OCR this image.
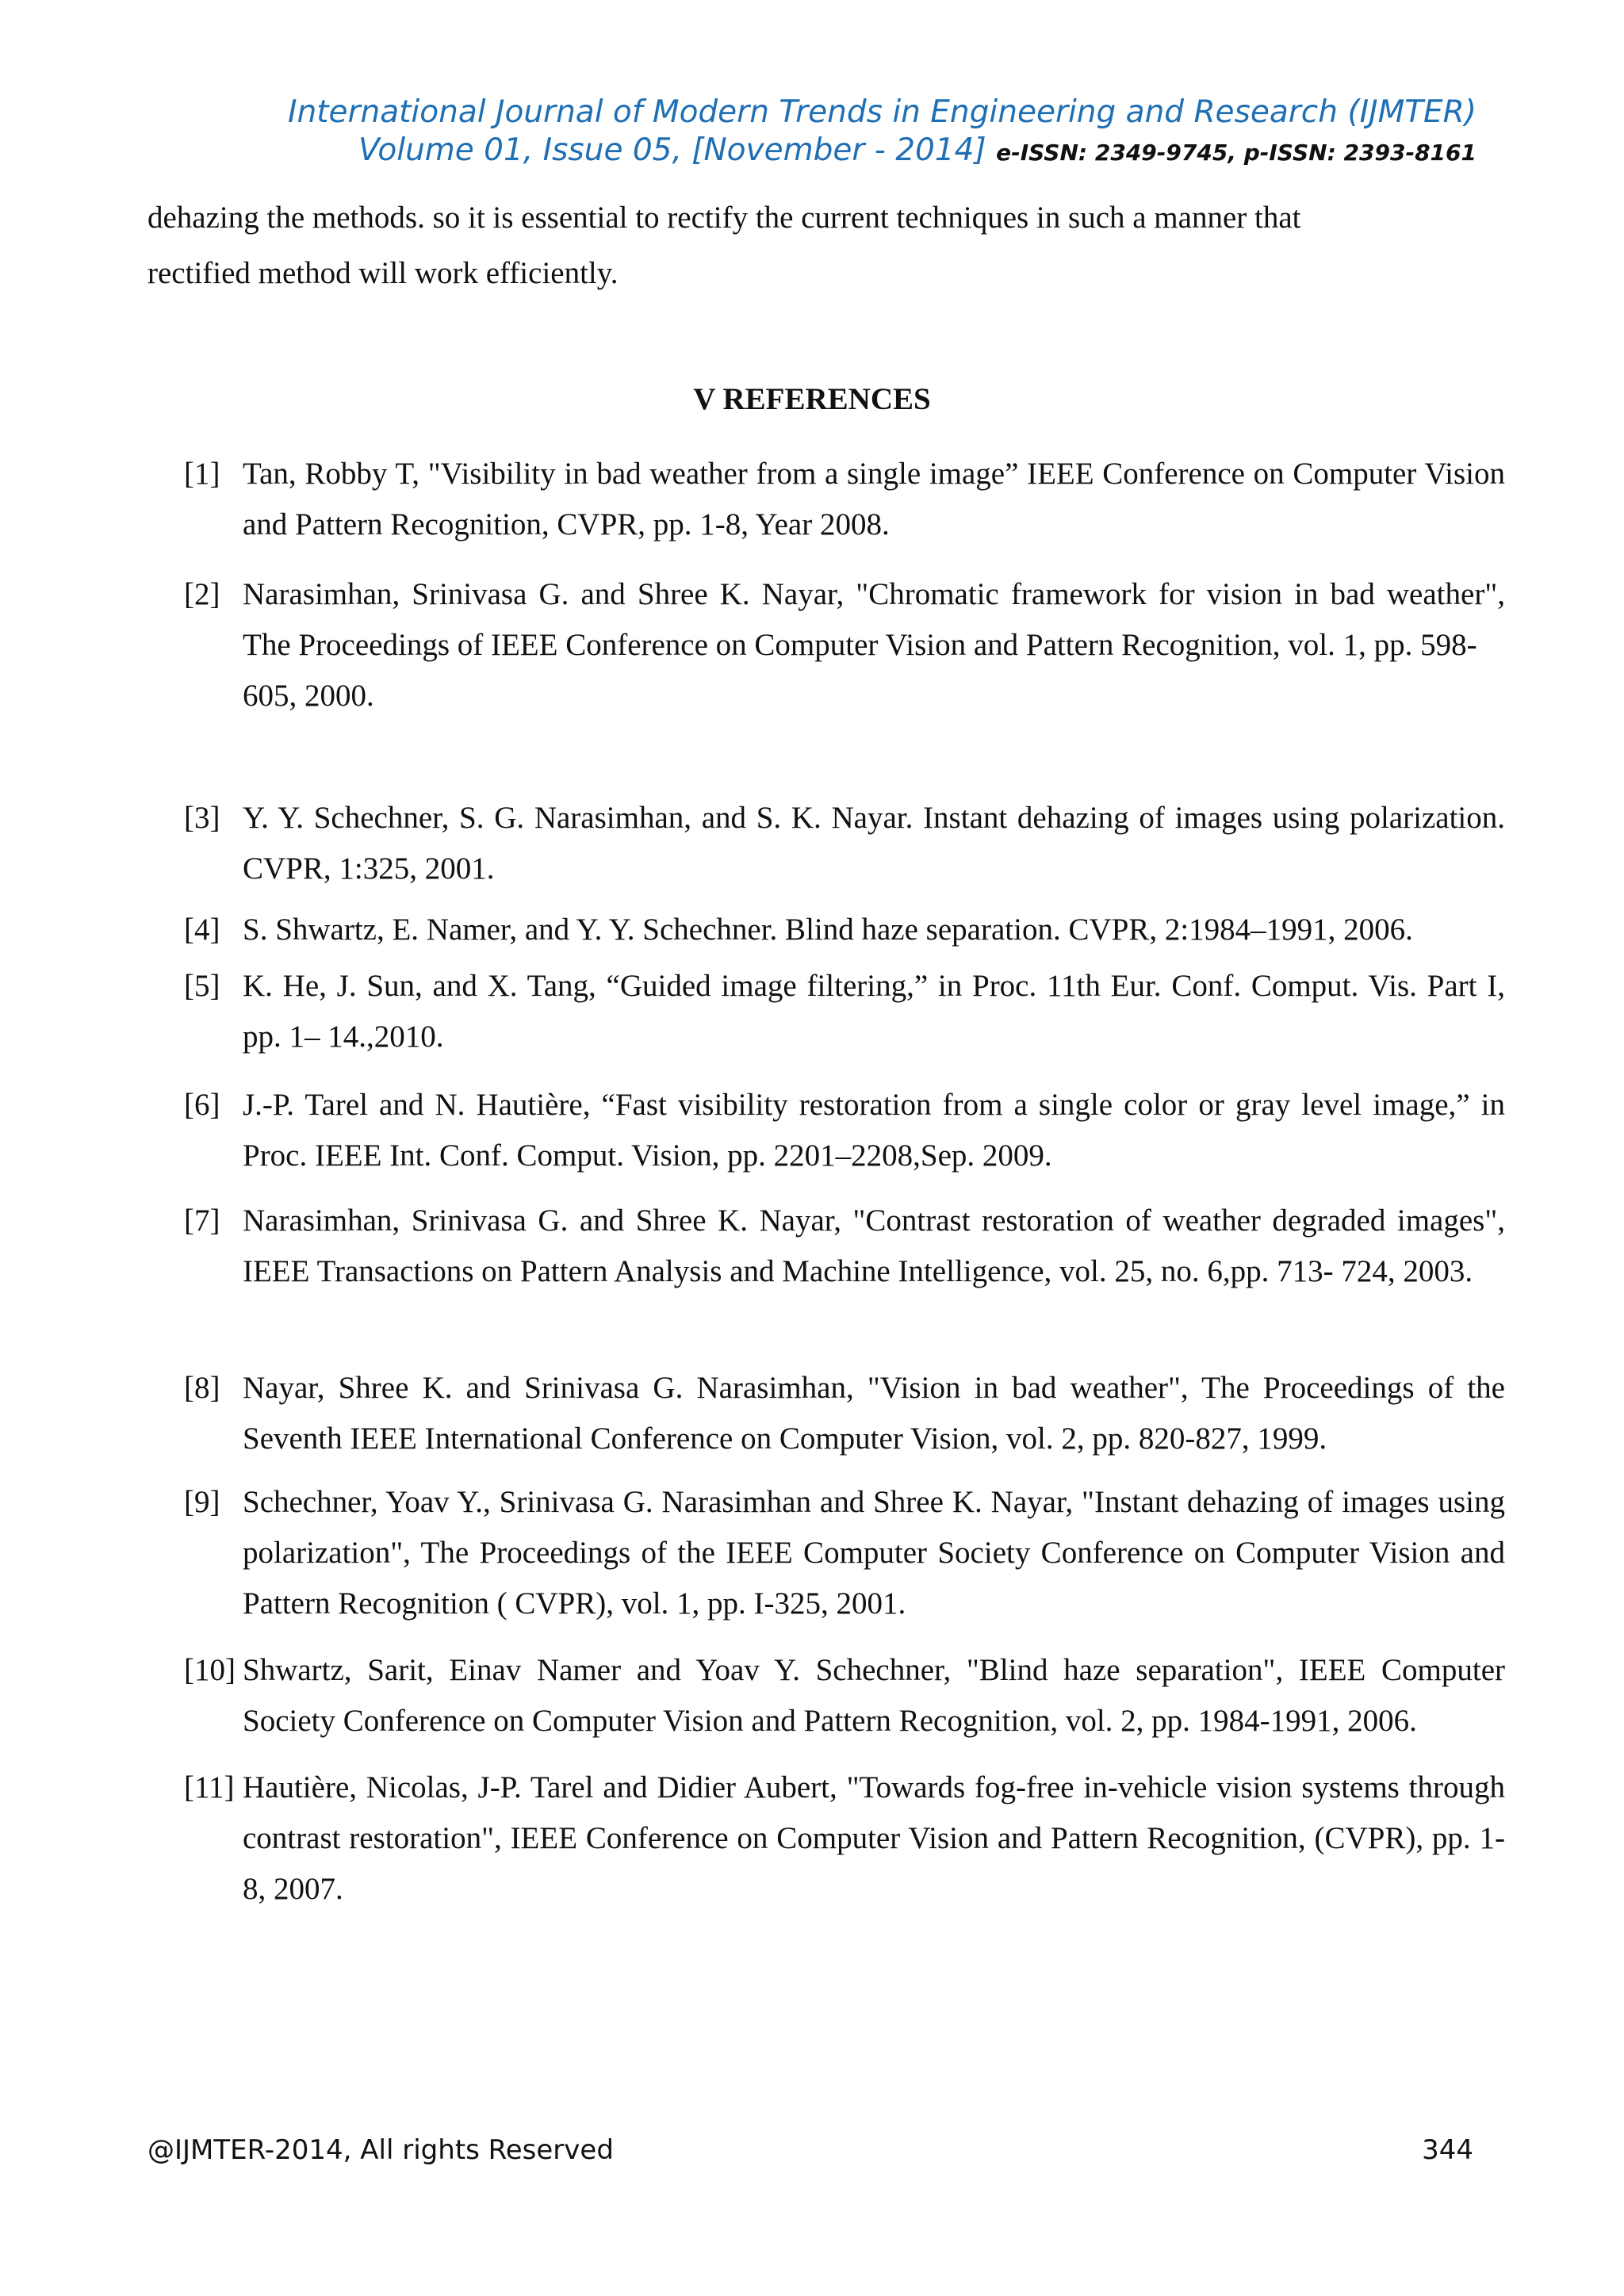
International Journal of Modern Trends in Engineering and Research (IJMTER)
Volume 01, Issue 05, [November - 2014] e-ISSN: 2349-9745, p-ISSN: 2393-8161

dehazing the methods. so it is essential to rectify the current techniques in such a manner that

rectified method will work efficiently.

V REFERENCES
[1] Tan, Robby T, "Visibility in bad weather from a single image” IEEE Conference on Computer Vision and Pattern Recognition, CVPR, pp. 1-8, Year 2008.
[2] Narasimhan, Srinivasa G. and Shree K. Nayar, "Chromatic framework for vision in bad weather", The Proceedings of IEEE Conference on Computer Vision and Pattern Recognition, vol. 1, pp. 598-
605, 2000.
[3] Y. Y. Schechner, S. G. Narasimhan, and S. K. Nayar. Instant dehazing of images using polarization. CVPR, 1:325, 2001.
[4] S. Shwartz, E. Namer, and Y. Y. Schechner. Blind haze separation. CVPR, 2:1984–1991, 2006.
[5] K. He, J. Sun, and X. Tang, “Guided image filtering,” in Proc. 11th Eur. Conf. Comput. Vis. Part I, pp. 1– 14.,2010.
[6] J.-P. Tarel and N. Hautière, “Fast visibility restoration from a single color or gray level image,” in Proc. IEEE Int. Conf. Comput. Vision, pp. 2201–2208,Sep. 2009.
[7] Narasimhan, Srinivasa G. and Shree K. Nayar, "Contrast restoration of weather degraded images", IEEE Transactions on Pattern Analysis and Machine Intelligence, vol. 25, no. 6,pp. 713- 724, 2003.
[8] Nayar, Shree K. and Srinivasa G. Narasimhan, "Vision in bad weather", The Proceedings of the Seventh IEEE International Conference on Computer Vision, vol. 2, pp. 820-827, 1999.
[9] Schechner, Yoav Y., Srinivasa G. Narasimhan and Shree K. Nayar, "Instant dehazing of images using polarization", The Proceedings of the IEEE Computer Society Conference on Computer Vision and Pattern Recognition ( CVPR), vol. 1, pp. I-325, 2001.
[10] Shwartz, Sarit, Einav Namer and Yoav Y. Schechner, "Blind haze separation", IEEE Computer Society Conference on Computer Vision and Pattern Recognition, vol. 2, pp. 1984-1991, 2006.
[11] Hautière, Nicolas, J-P. Tarel and Didier Aubert, "Towards fog-free in-vehicle vision systems through contrast restoration", IEEE Conference on Computer Vision and Pattern Recognition, (CVPR), pp. 1-8, 2007.
@IJMTER-2014, All rights Reserved	344
